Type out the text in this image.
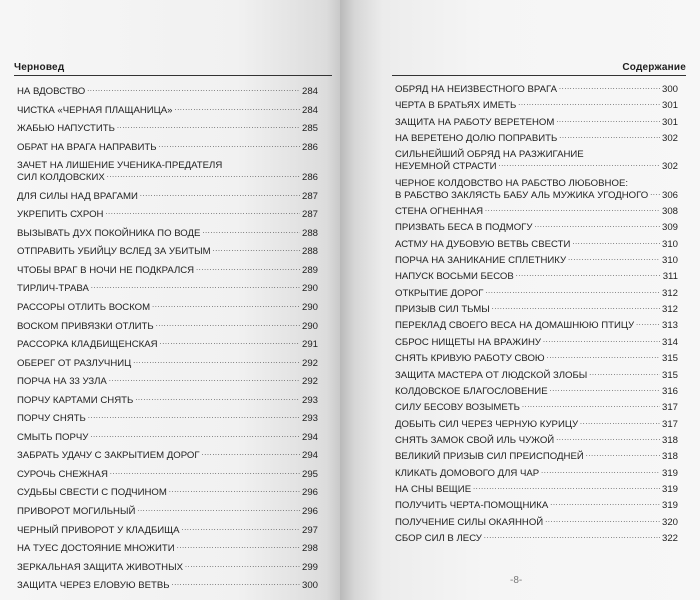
Черновед
НА ВДОВСТВО . . .	284
ЧИСТКА «ЧЕРНАЯ ПЛАЩАНИЦА» . . .	284
ЖАБЬЮ НАПУСТИТЬ . . .	285
ОБРАТ НА ВРАГА НАПРАВИТЬ . . .	286
ЗАЧЕТ НА ЛИШЕНИЕ УЧЕНИКА-ПРЕДАТЕЛЯ
СИЛ КОЛДОВСКИХ . . .	286
ДЛЯ СИЛЫ НАД ВРАГАМИ . . .	287
УКРЕПИТЬ СХРОН . . .	287
ВЫЗЫВАТЬ ДУХ ПОКОЙНИКА ПО ВОДЕ . . .	288
ОТПРАВИТЬ УБИЙЦУ ВСЛЕД ЗА УБИТЫМ . . .	288
ЧТОБЫ ВРАГ В НОЧИ НЕ ПОДКРАЛСЯ . . .	289
ТИРЛИЧ-ТРАВА . . .	290
РАССОРЫ ОТЛИТЬ ВОСКОМ . . .	290
ВОСКОМ ПРИВЯЗКИ ОТЛИТЬ . . .	290
РАССОРКА КЛАДБИЩЕНСКАЯ . . .	291
ОБЕРЕГ ОТ РАЗЛУЧНИЦ . . .	292
ПОРЧА НА 33 УЗЛА . . .	292
ПОРЧУ КАРТАМИ СНЯТЬ . . .	293
ПОРЧУ СНЯТЬ . . .	293
СМЫТЬ ПОРЧУ . . .	294
ЗАБРАТЬ УДАЧУ С ЗАКРЫТИЕМ ДОРОГ . . .	294
СУРОЧЬ СНЕЖНАЯ . . .	295
СУДЬБЫ СВЕСТИ С ПОДЧИНОМ . . .	296
ПРИВОРОТ МОГИЛЬНЫЙ . . .	296
ЧЕРНЫЙ ПРИВОРОТ У КЛАДБИЩА . . .	297
НА ТУЕС ДОСТОЯНИЕ МНОЖИТИ . . .	298
ЗЕРКАЛЬНАЯ ЗАЩИТА ЖИВОТНЫХ . . .	299
ЗАЩИТА ЧЕРЕЗ ЕЛОВУЮ ВЕТВЬ . . .	300
Содержание
ОБРЯД НА НЕИЗВЕСТНОГО ВРАГА . . .	300
ЧЕРТА В БРАТЬЯХ ИМЕТЬ . . .	301
ЗАЩИТА НА РАБОТУ ВЕРЕТЕНОМ . . .	301
НА ВЕРЕТЕНО ДОЛЮ ПОПРАВИТЬ . . .	302
СИЛЬНЕЙШИЙ ОБРЯД НА РАЗЖИГАНИЕ
НЕУЕМНОЙ СТРАСТИ . . .	302
ЧЕРНОЕ КОЛДОВСТВО НА РАБСТВО ЛЮБОВНОЕ:
В РАБСТВО ЗАКЛЯСТЬ БАБУ АЛЬ МУЖИКА УГОДНОГО . . . 306
СТЕНА ОГНЕННАЯ . . .	308
ПРИЗВАТЬ БЕСА В ПОДМОГУ . . .	309
АСТМУ НА ДУБОВУЮ ВЕТВЬ СВЕСТИ . . .	310
ПОРЧА НА ЗАНИКАНИЕ СПЛЕТНИКУ . . .	310
НАПУСК ВОСЬМИ БЕСОВ . . .	311
ОТКРЫТИЕ ДОРОГ . . .	312
ПРИЗЫВ СИЛ ТЬМЫ . . .	312
ПЕРЕКЛАД СВОЕГО ВЕСА НА ДОМАШНЮЮ ПТИЦУ . . .	313
СБРОС НИЩЕТЫ НА ВРАЖИНУ . . .	314
СНЯТЬ КРИВУЮ РАБОТУ СВОЮ . . .	315
ЗАЩИТА МАСТЕРА ОТ ЛЮДСКОЙ ЗЛОБЫ . . .	315
КОЛДОВСКОЕ БЛАГОСЛОВЕНИЕ . . .	316
СИЛУ БЕСОВУ ВОЗЫМЕТЬ . . .	317
ДОБЫТЬ СИЛ ЧЕРЕЗ ЧЕРНУЮ КУРИЦУ . . .	317
СНЯТЬ ЗАМОК СВОЙ ИЛЬ ЧУЖОЙ . . .	318
ВЕЛИКИЙ ПРИЗЫВ СИЛ ПРЕИСПОДНЕЙ . . .	318
КЛИКАТЬ ДОМОВОГО ДЛЯ ЧАР . . .	319
НА СНЫ ВЕЩИЕ . . .	319
ПОЛУЧИТЬ ЧЕРТА-ПОМОЩНИКА . . .	319
ПОЛУЧЕНИЕ СИЛЫ ОКАЯННОЙ . . .	320
СБОР СИЛ В ЛЕСУ . . .	322
-8-
